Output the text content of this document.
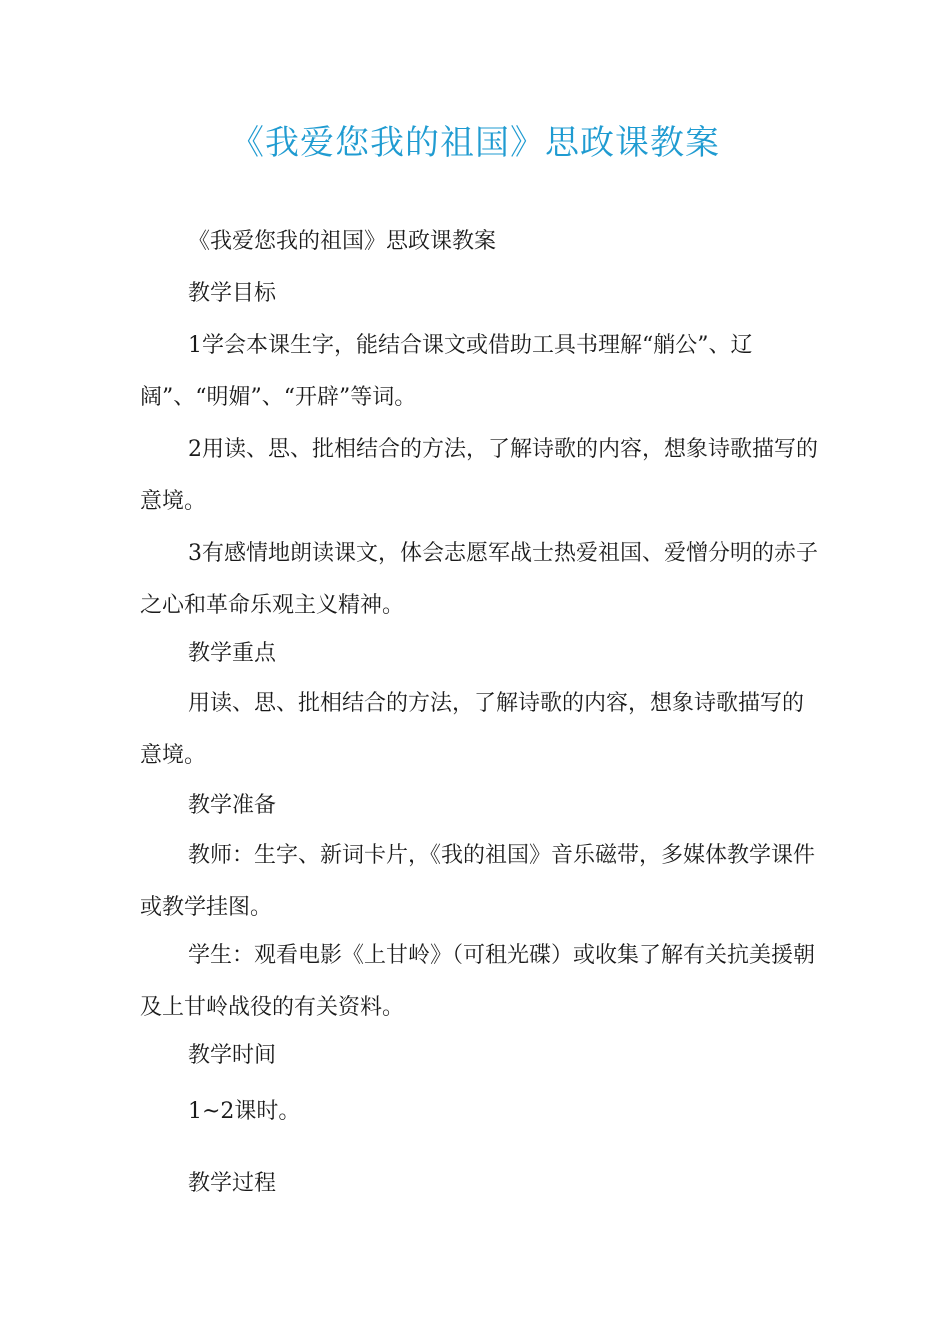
《我爱您我的祖国》思政课教案

《我爱您我的祖国》思政课教案

教学目标

1学会本课生字，能结合课文或借助工具书理解“艄公”、辽阔”、“明媚”、“开辟”等词。

2用读、思、批相结合的方法，了解诗歌的内容，想象诗歌描写的意境。

3有感情地朗读课文，体会志愿军战士热爱祖国、爱憎分明的赤子之心和革命乐观主义精神。

教学重点

用读、思、批相结合的方法，了解诗歌的内容，想象诗歌描写的意境。

教学准备

教师：生字、新词卡片，《我的祖国》音乐磁带，多媒体教学课件或教学挂图。

学生：观看电影《上甘岭》（可租光碟）或收集了解有关抗美援朝及上甘岭战役的有关资料。

教学时间

1~2课时。

教学过程
